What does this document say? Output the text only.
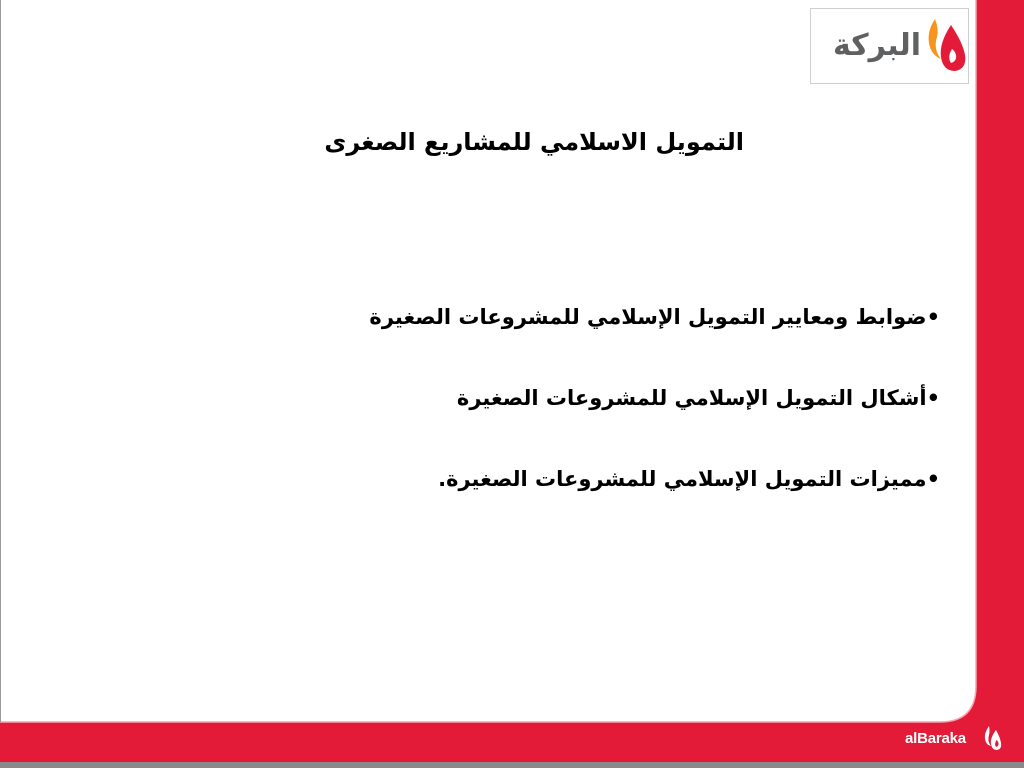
البركة
التمويل الاسلامي للمشاريع الصغرى
•ضوابط ومعايير التمويل الإسلامي للمشروعات الصغيرة
•أشكال التمويل الإسلامي للمشروعات الصغيرة
•مميزات التمويل الإسلامي للمشروعات الصغيرة.
alBaraka
